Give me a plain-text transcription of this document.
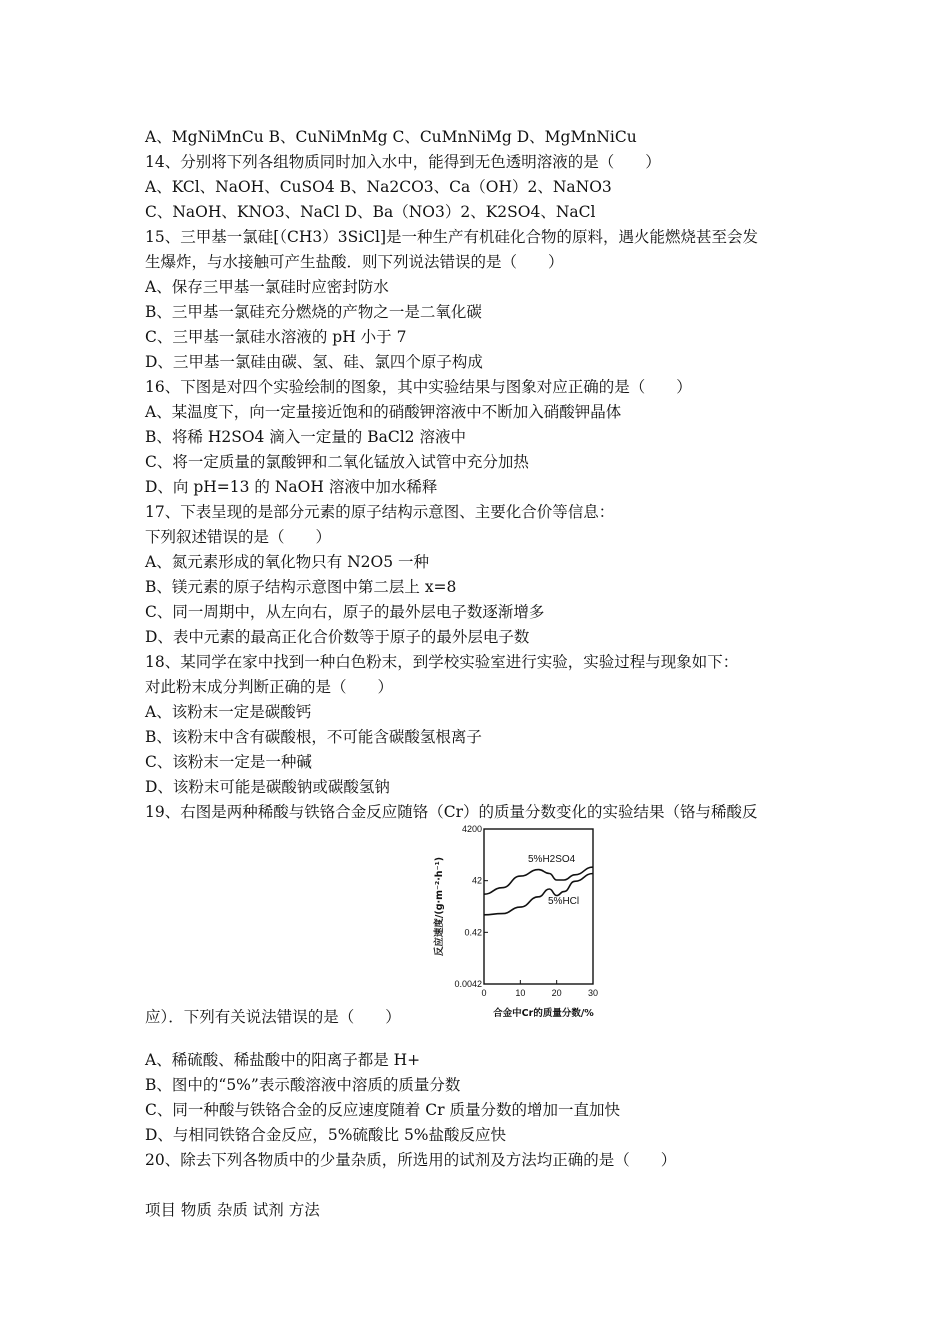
A、MgNiMnCu B、CuNiMnMg C、CuMnNiMg D、MgMnNiCu
14、分别将下列各组物质同时加入水中，能得到无色透明溶液的是（　　）
A、KCl、NaOH、CuSO4 B、Na2CO3、Ca（OH）2、NaNO3
C、NaOH、KNO3、NaCl D、Ba（NO3）2、K2SO4、NaCl
15、三甲基一氯硅[（CH3）3SiCl]是一种生产有机硅化合物的原料，遇火能燃烧甚至会发
生爆炸，与水接触可产生盐酸．则下列说法错误的是（　　）
A、保存三甲基一氯硅时应密封防水
B、三甲基一氯硅充分燃烧的产物之一是二氧化碳
C、三甲基一氯硅水溶液的 pH 小于 7
D、三甲基一氯硅由碳、氢、硅、氯四个原子构成
16、下图是对四个实验绘制的图象，其中实验结果与图象对应正确的是（　　）
A、某温度下，向一定量接近饱和的硝酸钾溶液中不断加入硝酸钾晶体
B、将稀 H2SO4 滴入一定量的 BaCl2 溶液中
C、将一定质量的氯酸钾和二氧化锰放入试管中充分加热
D、向 pH=13 的 NaOH 溶液中加水稀释
17、下表呈现的是部分元素的原子结构示意图、主要化合价等信息：
下列叙述错误的是（　　）
A、氮元素形成的氧化物只有 N2O5 一种
B、镁元素的原子结构示意图中第二层上 x=8
C、同一周期中，从左向右，原子的最外层电子数逐渐增多
D、表中元素的最高正化合价数等于原子的最外层电子数
18、某同学在家中找到一种白色粉末，到学校实验室进行实验，实验过程与现象如下：
对此粉末成分判断正确的是（　　）
A、该粉末一定是碳酸钙
B、该粉末中含有碳酸根，不可能含碳酸氢根离子
C、该粉末一定是一种碱
D、该粉末可能是碳酸钠或碳酸氢钠
19、右图是两种稀酸与铁铬合金反应随铬（Cr）的质量分数变化的实验结果（铬与稀酸反
应）．下列有关说法错误的是（　　）
A、稀硫酸、稀盐酸中的阳离子都是 H+
B、图中的“5%”表示酸溶液中溶质的质量分数
C、同一种酸与铁铬合金的反应速度随着 Cr 质量分数的增加一直加快
D、与相同铁铬合金反应，5%硫酸比 5%盐酸反应快
20、除去下列各物质中的少量杂质，所选用的试剂及方法均正确的是（　　）
项目 物质 杂质 试剂 方法
4200
42
0.42
0.0042
0	10	20	30
5%H2SO4
5%HCl
反应速度/(g·m⁻²·h⁻¹)
合金中Cr的质量分数/%
